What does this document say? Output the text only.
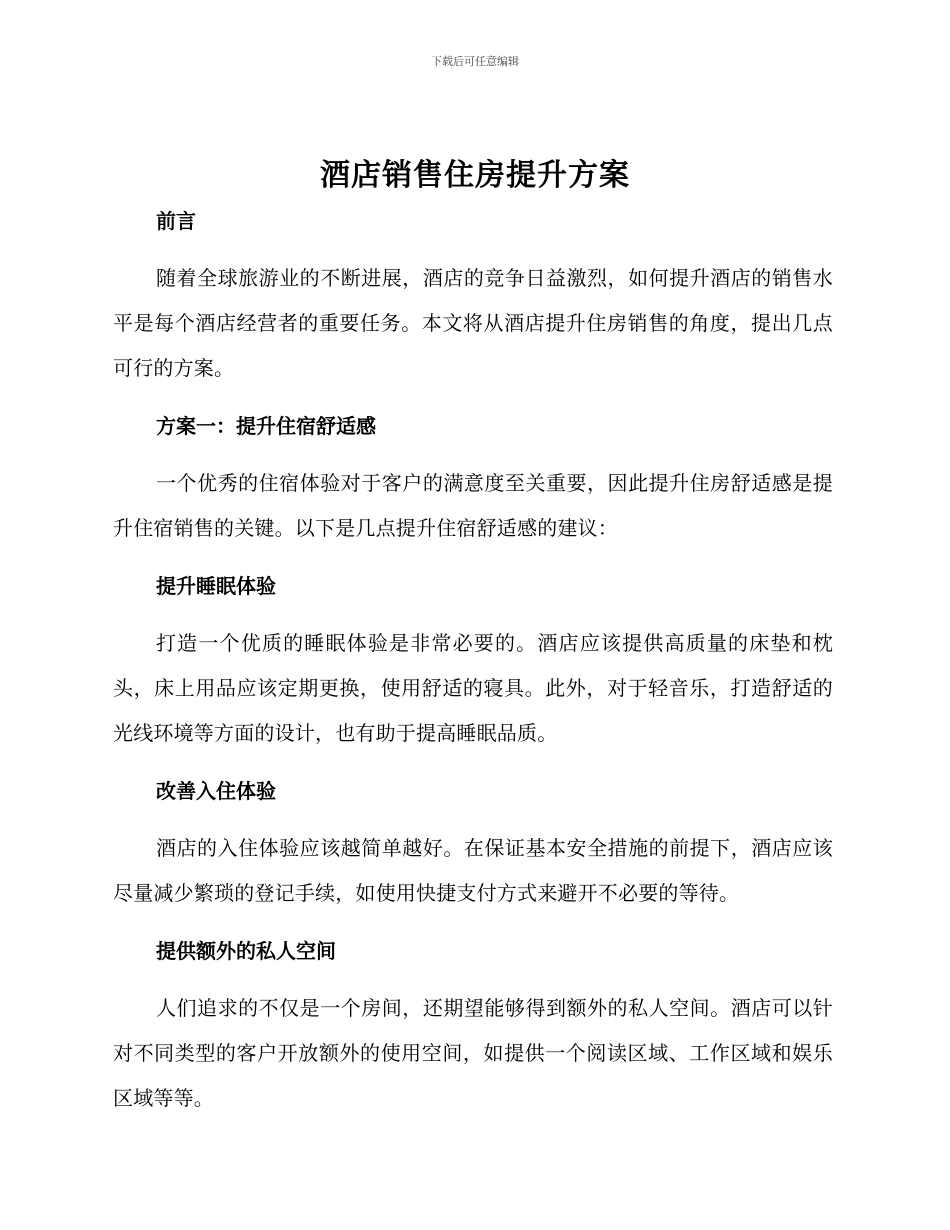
下载后可任意编辑
酒店销售住房提升方案
前言

随着全球旅游业的不断进展，酒店的竞争日益激烈，如何提升酒店的销售水平是每个酒店经营者的重要任务。本文将从酒店提升住房销售的角度，提出几点可行的方案。

方案一：提升住宿舒适感

一个优秀的住宿体验对于客户的满意度至关重要，因此提升住房舒适感是提升住宿销售的关键。以下是几点提升住宿舒适感的建议：

提升睡眠体验

打造一个优质的睡眠体验是非常必要的。酒店应该提供高质量的床垫和枕头，床上用品应该定期更换，使用舒适的寝具。此外，对于轻音乐，打造舒适的光线环境等方面的设计，也有助于提高睡眠品质。

改善入住体验

酒店的入住体验应该越简单越好。在保证基本安全措施的前提下，酒店应该尽量减少繁琐的登记手续，如使用快捷支付方式来避开不必要的等待。

提供额外的私人空间

人们追求的不仅是一个房间，还期望能够得到额外的私人空间。酒店可以针对不同类型的客户开放额外的使用空间，如提供一个阅读区域、工作区域和娱乐区域等等。
